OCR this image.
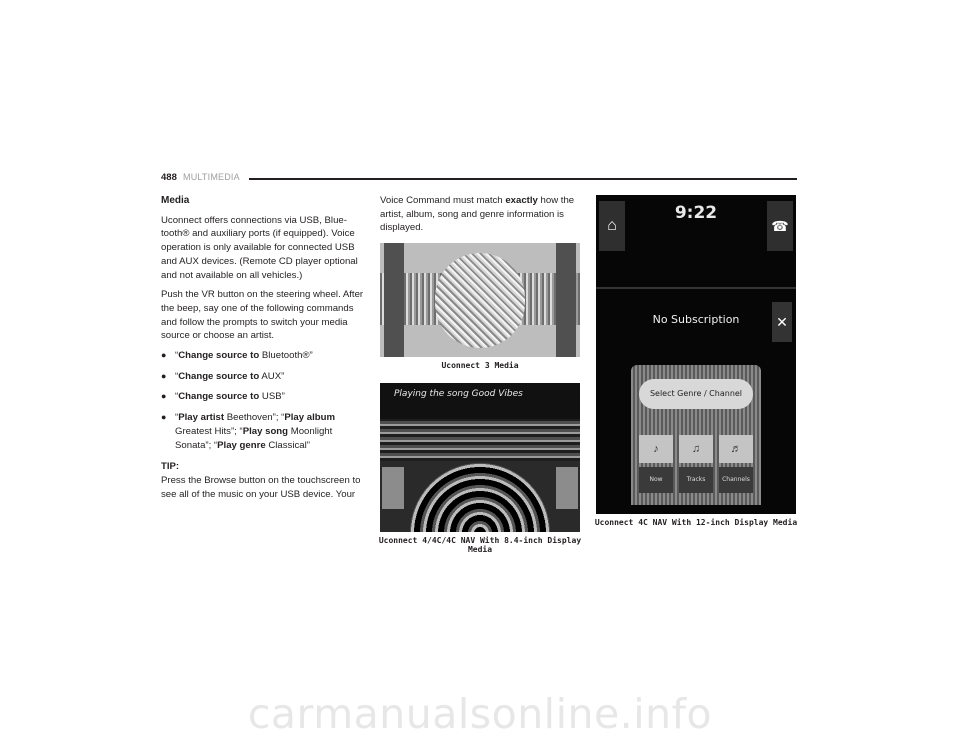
488 MULTIMEDIA
Media

Uconnect offers connections via USB, Blue-tooth® and auxiliary ports (if equipped). Voice operation is only available for connected USB and AUX devices. (Remote CD player optional and not available on all vehicles.)

Push the VR button on the steering wheel. After the beep, say one of the following commands and follow the prompts to switch your media source or choose an artist.

● “Change source to Bluetooth®”
● “Change source to AUX”
● “Change source to USB”
● “Play artist Beethoven”; “Play album Greatest Hits”; “Play song Moonlight Sonata”; “Play genre Classical”
TIP:
Press the Browse button on the touchscreen to see all of the music on your USB device. Your

Voice Command must match exactly how the artist, album, song and genre information is displayed.

Uconnect 3 Media
Playing the song Good Vibes
Uconnect 4/4C/4C NAV With 8.4-inch Display Media
⌂
9:22
☎
No Subscription	✕
Select Genre / Channel
♪	♫	♬
Now	Tracks	Channels
Uconnect 4C NAV With 12-inch Display Media
carmanualsonline.info
